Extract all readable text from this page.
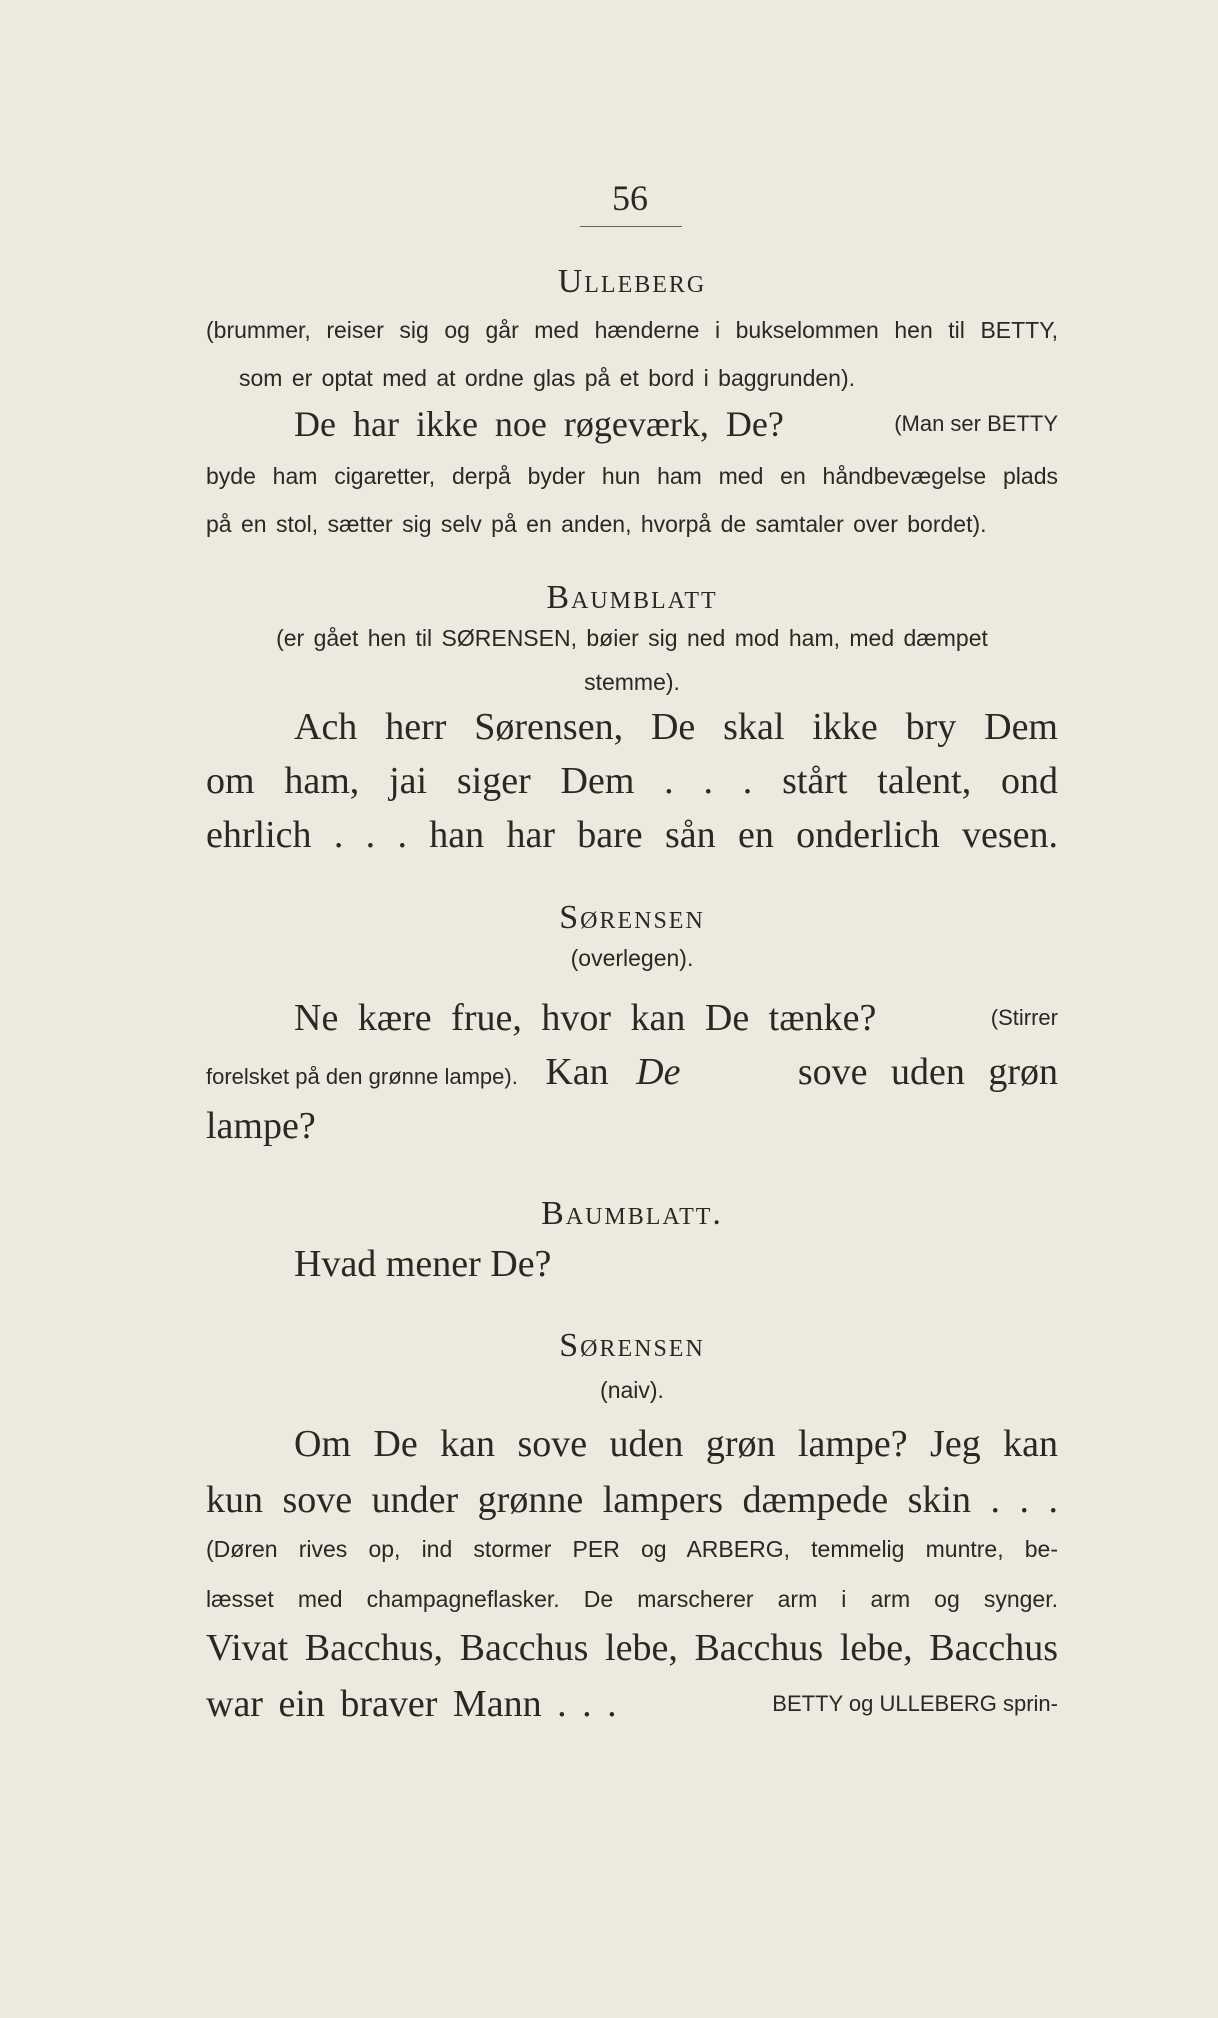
56
Ulleberg
(brummer, reiser sig og går med hænderne i bukselommen hen til BETTY,
som er optat med at ordne glas på et bord i baggrunden).
De har ikke noe røgeværk, De?	(Man ser BETTY
byde ham cigaretter, derpå byder hun ham med en håndbevægelse plads
på en stol, sætter sig selv på en anden, hvorpå de samtaler over bordet).
Baumblatt
(er gået hen til SØRENSEN, bøier sig ned mod ham, med dæmpet
stemme).
Ach herr Sørensen, De skal ikke bry Dem
om ham, jai siger Dem . . . stårt talent, ond
ehrlich . . . han har bare sån en onderlich vesen.
Sørensen
(overlegen).
Ne kære frue, hvor kan De tænke?	(Stirrer
forelsket på den grønne lampe). Kan De	sove uden grøn
lampe?
Baumblatt.
Hvad mener De?
Sørensen
(naiv).
Om De kan sove uden grøn lampe? Jeg kan
kun sove under grønne lampers dæmpede skin . . .
(Døren rives op, ind stormer PER og ARBERG, temmelig muntre, be-
læsset med champagneflasker. De marscherer arm i arm og synger.
Vivat Bacchus, Bacchus lebe, Bacchus lebe, Bacchus
war ein braver Mann . . .	BETTY og ULLEBERG sprin-
